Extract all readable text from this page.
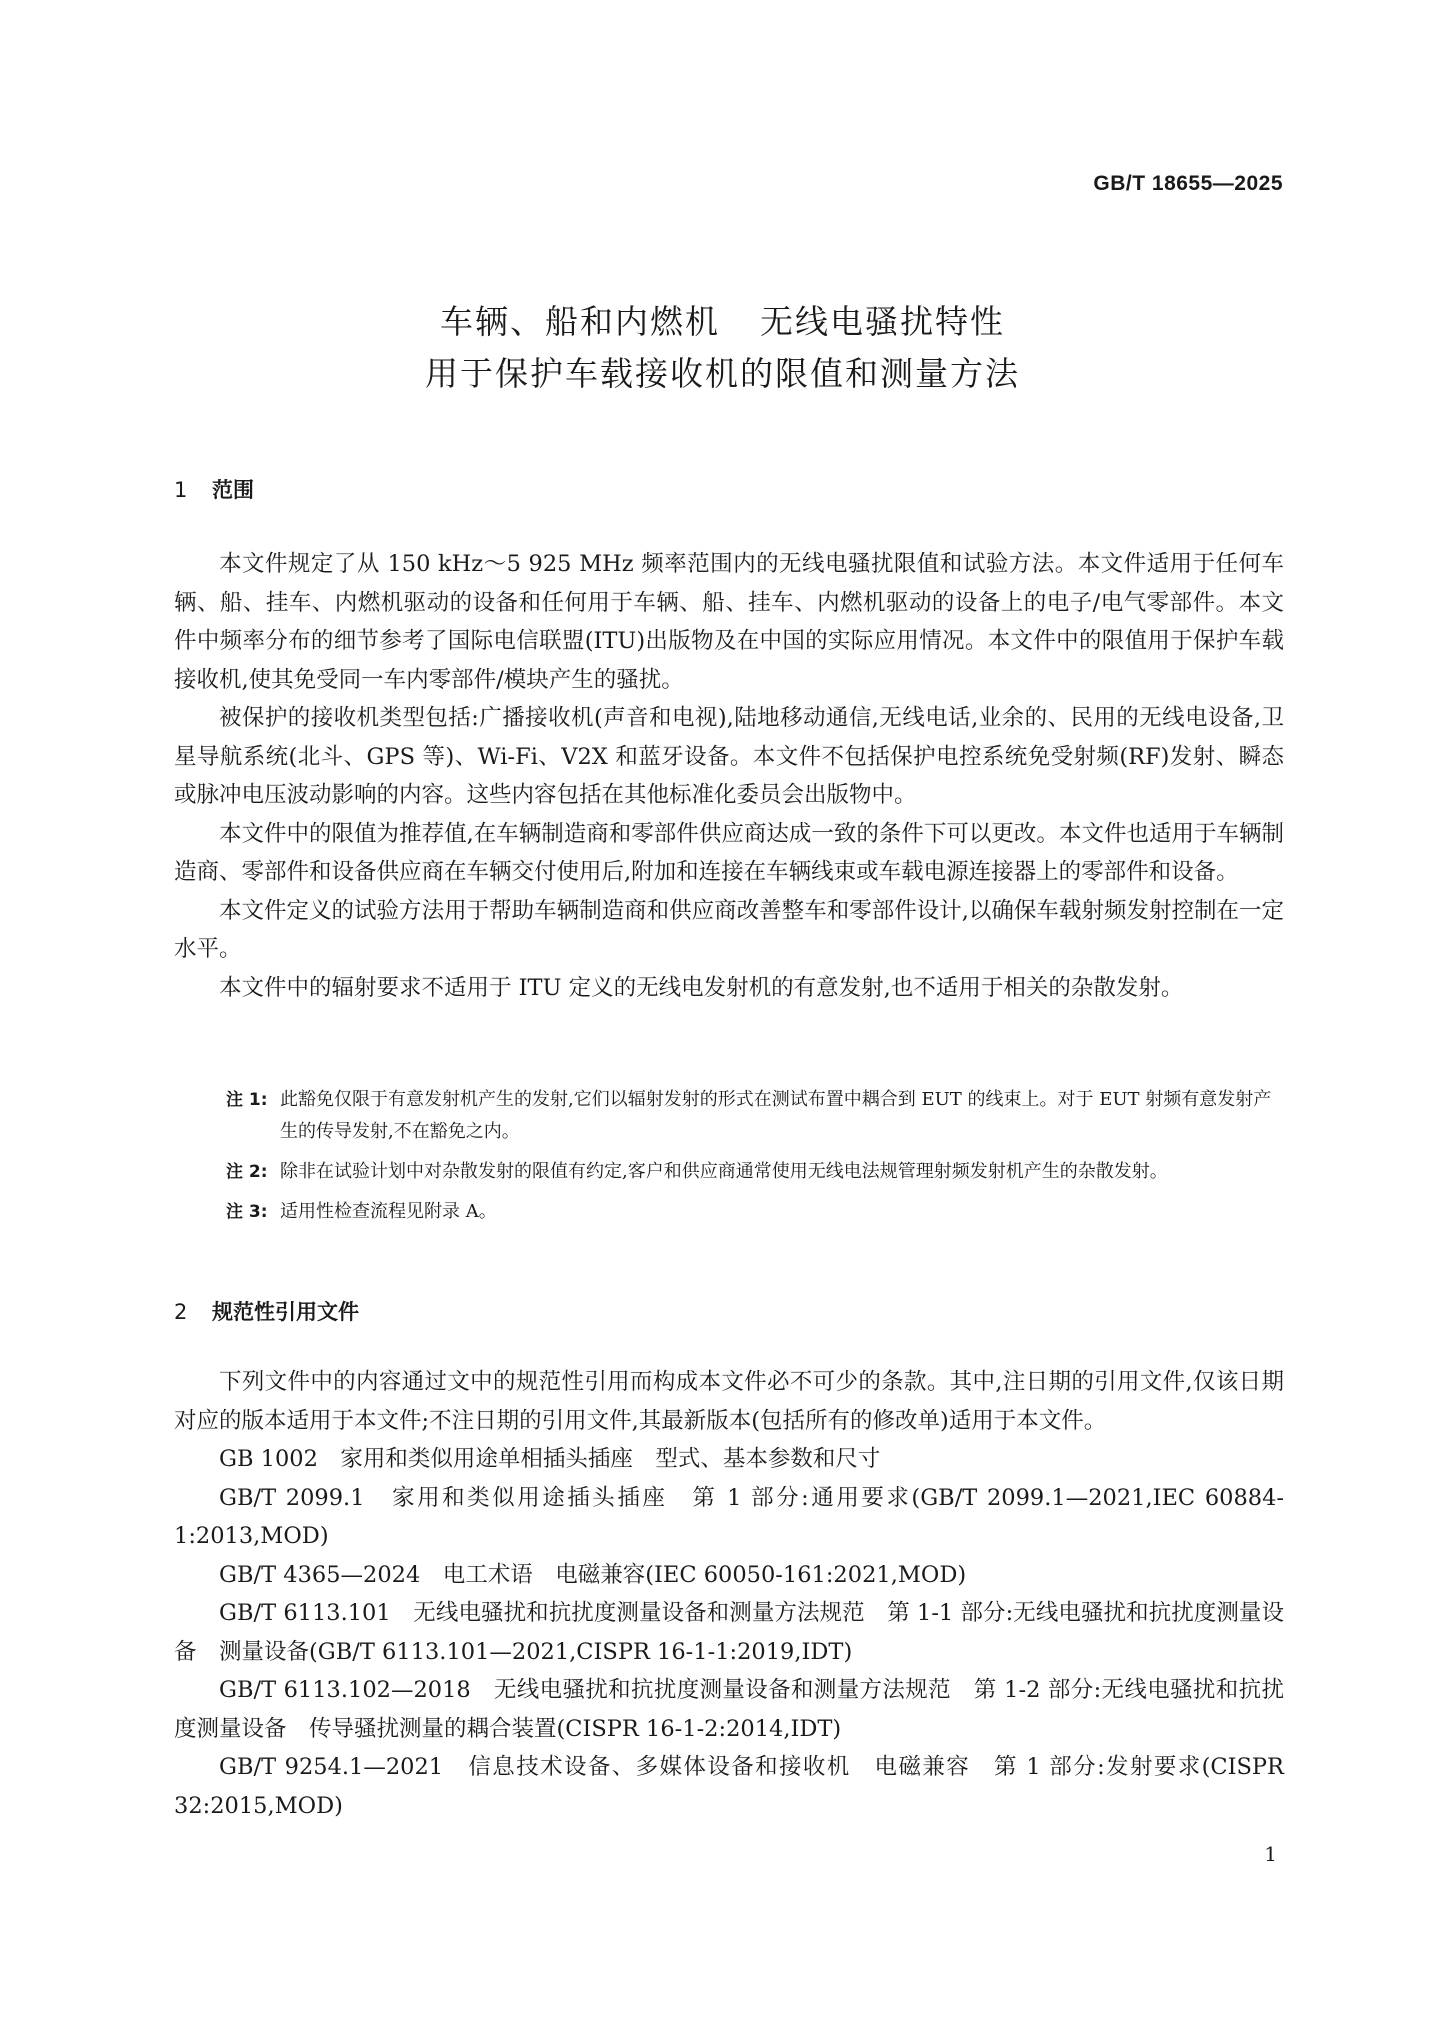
GB/T 18655—2025
车辆、船和内燃机 无线电骚扰特性
用于保护车载接收机的限值和测量方法
1 范围

本文件规定了从 150 kHz～5 925 MHz 频率范围内的无线电骚扰限值和试验方法。本文件适用于任何车辆、船、挂车、内燃机驱动的设备和任何用于车辆、船、挂车、内燃机驱动的设备上的电子/电气零部件。本文件中频率分布的细节参考了国际电信联盟(ITU)出版物及在中国的实际应用情况。本文件中的限值用于保护车载接收机,使其免受同一车内零部件/模块产生的骚扰。

被保护的接收机类型包括:广播接收机(声音和电视),陆地移动通信,无线电话,业余的、民用的无线电设备,卫星导航系统(北斗、GPS 等)、Wi-Fi、V2X 和蓝牙设备。本文件不包括保护电控系统免受射频(RF)发射、瞬态或脉冲电压波动影响的内容。这些内容包括在其他标准化委员会出版物中。

本文件中的限值为推荐值,在车辆制造商和零部件供应商达成一致的条件下可以更改。本文件也适用于车辆制造商、零部件和设备供应商在车辆交付使用后,附加和连接在车辆线束或车载电源连接器上的零部件和设备。

本文件定义的试验方法用于帮助车辆制造商和供应商改善整车和零部件设计,以确保车载射频发射控制在一定水平。

本文件中的辐射要求不适用于 ITU 定义的无线电发射机的有意发射,也不适用于相关的杂散发射。

注 1: 此豁免仅限于有意发射机产生的发射,它们以辐射发射的形式在测试布置中耦合到 EUT 的线束上。对于 EUT 射频有意发射产生的传导发射,不在豁免之内。
注 2: 除非在试验计划中对杂散发射的限值有约定,客户和供应商通常使用无线电法规管理射频发射机产生的杂散发射。
注 3: 适用性检查流程见附录 A。
2 规范性引用文件

下列文件中的内容通过文中的规范性引用而构成本文件必不可少的条款。其中,注日期的引用文件,仅该日期对应的版本适用于本文件;不注日期的引用文件,其最新版本(包括所有的修改单)适用于本文件。

GB 1002　家用和类似用途单相插头插座　型式、基本参数和尺寸

GB/T 2099.1　家用和类似用途插头插座　第 1 部分:通用要求(GB/T 2099.1—2021,IEC 60884-1:2013,MOD)

GB/T 4365—2024　电工术语　电磁兼容(IEC 60050-161:2021,MOD)

GB/T 6113.101　无线电骚扰和抗扰度测量设备和测量方法规范　第 1-1 部分:无线电骚扰和抗扰度测量设备　测量设备(GB/T 6113.101—2021,CISPR 16-1-1:2019,IDT)

GB/T 6113.102—2018　无线电骚扰和抗扰度测量设备和测量方法规范　第 1-2 部分:无线电骚扰和抗扰度测量设备　传导骚扰测量的耦合装置(CISPR 16-1-2:2014,IDT)

GB/T 9254.1—2021　信息技术设备、多媒体设备和接收机　电磁兼容　第 1 部分:发射要求(CISPR 32:2015,MOD)

1
